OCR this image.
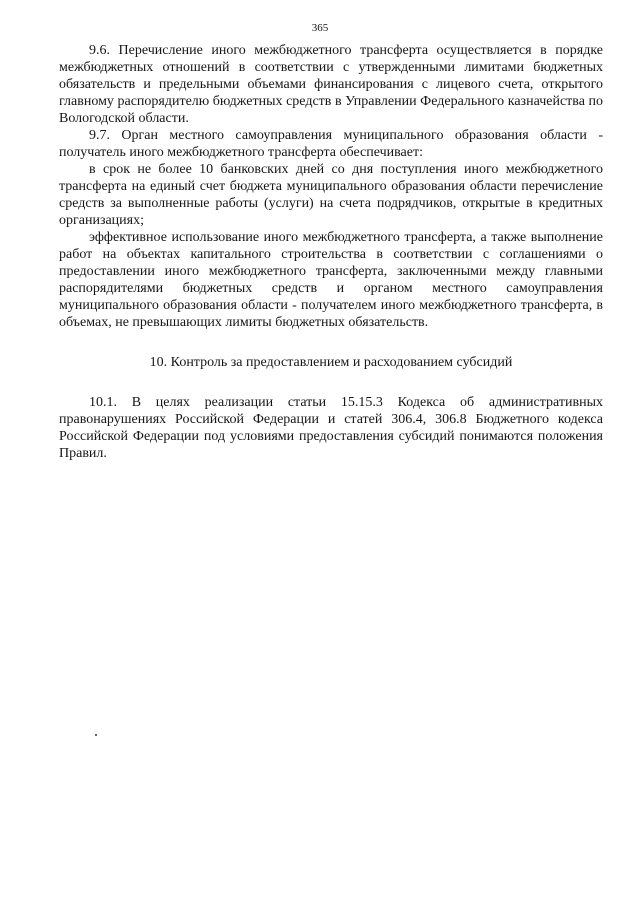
365

9.6. Перечисление иного межбюджетного трансферта осуществляется в порядке межбюджетных отношений в соответствии с утвержденными лимитами бюджетных обязательств и предельными объемами финансирования с лицевого счета, открытого главному распорядителю бюджетных средств в Управлении Федерального казначейства по Вологодской области.

9.7. Орган местного самоуправления муниципального образования области - получатель иного межбюджетного трансферта обеспечивает:

в срок не более 10 банковских дней со дня поступления иного межбюджетного трансферта на единый счет бюджета муниципального образования области перечисление средств за выполненные работы (услуги) на счета подрядчиков, открытые в кредитных организациях;

эффективное использование иного межбюджетного трансферта, а также выполнение работ на объектах капитального строительства в соответствии с соглашениями о предоставлении иного межбюджетного трансферта, заключенными между главными распорядителями бюджетных средств и органом местного самоуправления муниципального образования области - получателем иного межбюджетного трансферта, в объемах, не превышающих лимиты бюджетных обязательств.

10. Контроль за предоставлением и расходованием субсидий

10.1. В целях реализации статьи 15.15.3 Кодекса об административных правонарушениях Российской Федерации и статей 306.4, 306.8 Бюджетного кодекса Российской Федерации под условиями предоставления субсидий понимаются положения Правил.
